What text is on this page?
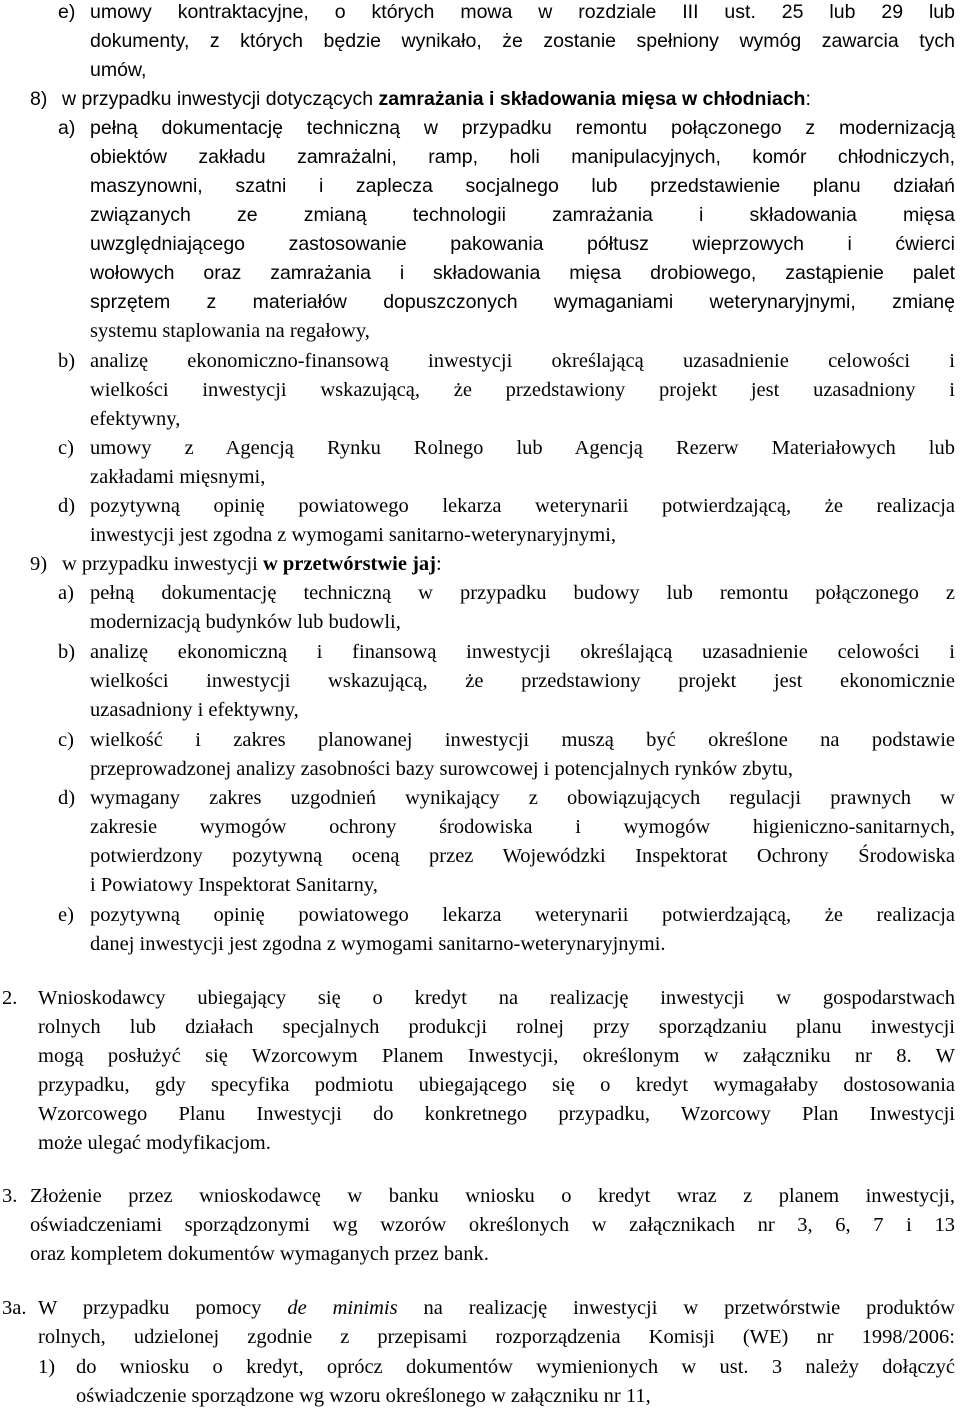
e) umowy kontraktacyjne, o których mowa w rozdziale III ust. 25 lub 29 lub
dokumenty, z których będzie wynikało, że zostanie spełniony wymóg zawarcia tych
umów,
8) w przypadku inwestycji dotyczących zamrażania i składowania mięsa w chłodniach:
a) pełną dokumentację techniczną w przypadku remontu połączonego z modernizacją
obiektów zakładu zamrażalni, ramp, holi manipulacyjnych, komór chłodniczych,
maszynowni, szatni i zaplecza socjalnego lub przedstawienie planu działań
związanych ze zmianą technologii zamrażania i składowania mięsa
uwzględniającego zastosowanie pakowania półtusz wieprzowych i ćwierci
wołowych oraz zamrażania i składowania mięsa drobiowego, zastąpienie palet
sprzętem z materiałów dopuszczonych wymaganiami weterynaryjnymi, zmianę
systemu staplowania na regałowy,
b) analizę ekonomiczno-finansową inwestycji określającą uzasadnienie celowości i
wielkości inwestycji wskazującą, że przedstawiony projekt jest uzasadniony i
efektywny,
c) umowy z Agencją Rynku Rolnego lub Agencją Rezerw Materiałowych lub
zakładami mięsnymi,
d) pozytywną opinię powiatowego lekarza weterynarii potwierdzającą, że realizacja
inwestycji jest zgodna z wymogami sanitarno-weterynaryjnymi,
9) w przypadku inwestycji w przetwórstwie jaj:
a) pełną dokumentację techniczną w przypadku budowy lub remontu połączonego z
modernizacją budynków lub budowli,
b) analizę ekonomiczną i finansową inwestycji określającą uzasadnienie celowości i
wielkości inwestycji wskazującą, że przedstawiony projekt jest ekonomicznie
uzasadniony i efektywny,
c) wielkość i zakres planowanej inwestycji muszą być określone na podstawie
przeprowadzonej analizy zasobności bazy surowcowej i potencjalnych rynków zbytu,
d) wymagany zakres uzgodnień wynikający z obowiązujących regulacji prawnych w
zakresie wymogów ochrony środowiska i wymogów higieniczno-sanitarnych,
potwierdzony pozytywną oceną przez Wojewódzki Inspektorat Ochrony Środowiska
i Powiatowy Inspektorat Sanitarny,
e) pozytywną opinię powiatowego lekarza weterynarii potwierdzającą, że realizacja
danej inwestycji jest zgodna z wymogami sanitarno-weterynaryjnymi.
2. Wnioskodawcy ubiegający się o kredyt na realizację inwestycji w gospodarstwach
rolnych lub działach specjalnych produkcji rolnej przy sporządzaniu planu inwestycji
mogą posłużyć się Wzorcowym Planem Inwestycji, określonym w załączniku nr 8. W
przypadku, gdy specyfika podmiotu ubiegającego się o kredyt wymagałaby dostosowania
Wzorcowego Planu Inwestycji do konkretnego przypadku, Wzorcowy Plan Inwestycji
może ulegać modyfikacjom.
3. Złożenie przez wnioskodawcę w banku wniosku o kredyt wraz z planem inwestycji,
oświadczeniami sporządzonymi wg wzorów określonych w załącznikach nr 3, 6, 7 i 13
oraz kompletem dokumentów wymaganych przez bank.
3a. W przypadku pomocy de minimis na realizację inwestycji w przetwórstwie produktów
rolnych, udzielonej zgodnie z przepisami rozporządzenia Komisji (WE) nr 1998/2006:
1) do wniosku o kredyt, oprócz dokumentów wymienionych w ust. 3 należy dołączyć
oświadczenie sporządzone wg wzoru określonego w załączniku nr 11,
